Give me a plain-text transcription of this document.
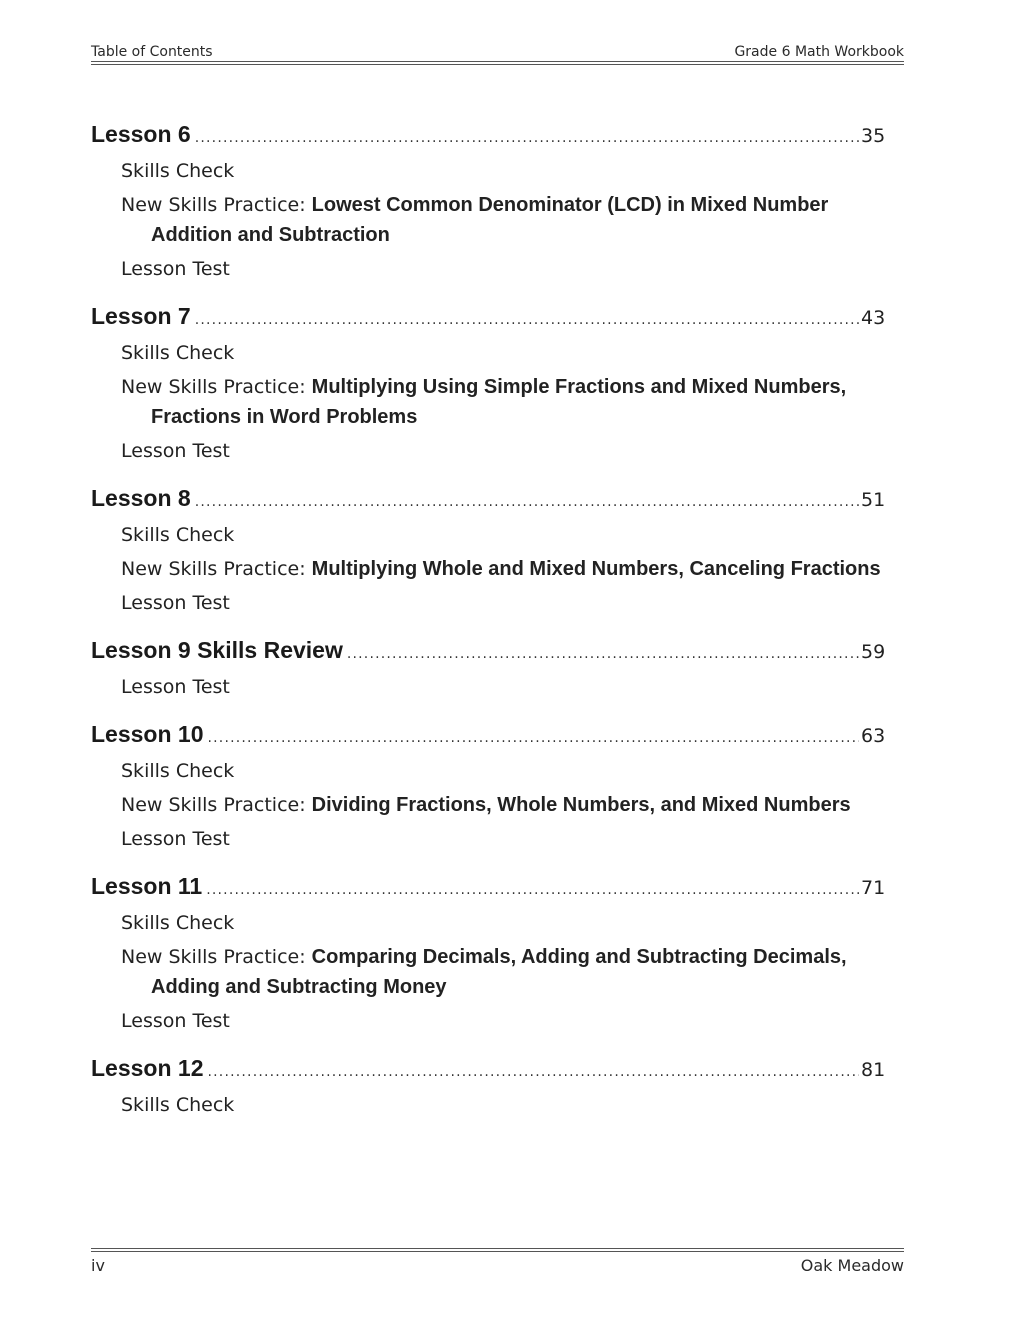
Table of Contents	Grade 6 Math Workbook
Lesson 6 .....	35
Skills Check
New Skills Practice: Lowest Common Denominator (LCD) in Mixed Number Addition and Subtraction
Lesson Test
Lesson 7 .....	43
Skills Check
New Skills Practice: Multiplying Using Simple Fractions and Mixed Numbers, Fractions in Word Problems
Lesson Test
Lesson 8 .....	51
Skills Check
New Skills Practice: Multiplying Whole and Mixed Numbers, Canceling Fractions
Lesson Test
Lesson 9 Skills Review .....	59
Lesson Test
Lesson 10 .....	63
Skills Check
New Skills Practice: Dividing Fractions, Whole Numbers, and Mixed Numbers
Lesson Test
Lesson 11 .....	71
Skills Check
New Skills Practice: Comparing Decimals, Adding and Subtracting Decimals, Adding and Subtracting Money
Lesson Test
Lesson 12 .....	81
Skills Check
iv	Oak Meadow
